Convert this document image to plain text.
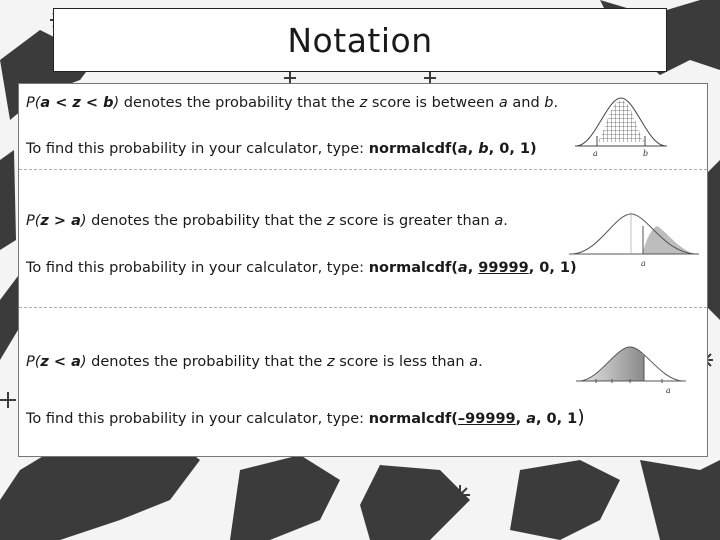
Notation
P(a < z < b) denotes the probability that the z score is between a and b.
To find this probability in your calculator, type: normalcdf(a, b, 0, 1)	a	b
P(z > a) denotes the probability that the z score is greater than a.
To find this probability in your calculator, type: normalcdf(a, 99999, 0, 1)	a
P(z < a) denotes the probability that the z score is less than a.
To find this probability in your calculator, type: normalcdf(–99999, a, 0, 1)
a
